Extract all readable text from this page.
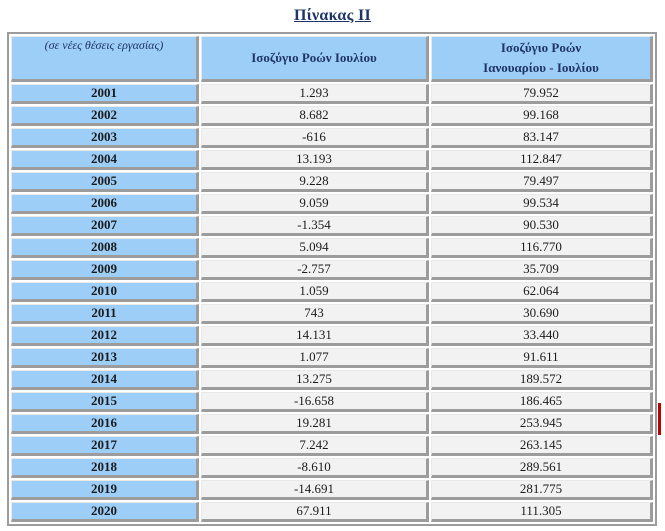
Πίνακας II
(σε νέες θέσεις εργασίας)	Ισοζύγιο Ροών Ιουλίου	Ισοζύγιο Ροών
Ιανουαρίου - Ιουλίου

2001	1.293	79.952
2002	8.682	99.168
2003	-616	83.147
2004	13.193	112.847
2005	9.228	79.497
2006	9.059	99.534
2007	-1.354	90.530
2008	5.094	116.770
2009	-2.757	35.709
2010	1.059	62.064
2011	743	30.690
2012	14.131	33.440
2013	1.077	91.611
2014	13.275	189.572
2015	-16.658	186.465
2016	19.281	253.945
2017	7.242	263.145
2018	-8.610	289.561
2019	-14.691	281.775
2020	67.911	111.305
